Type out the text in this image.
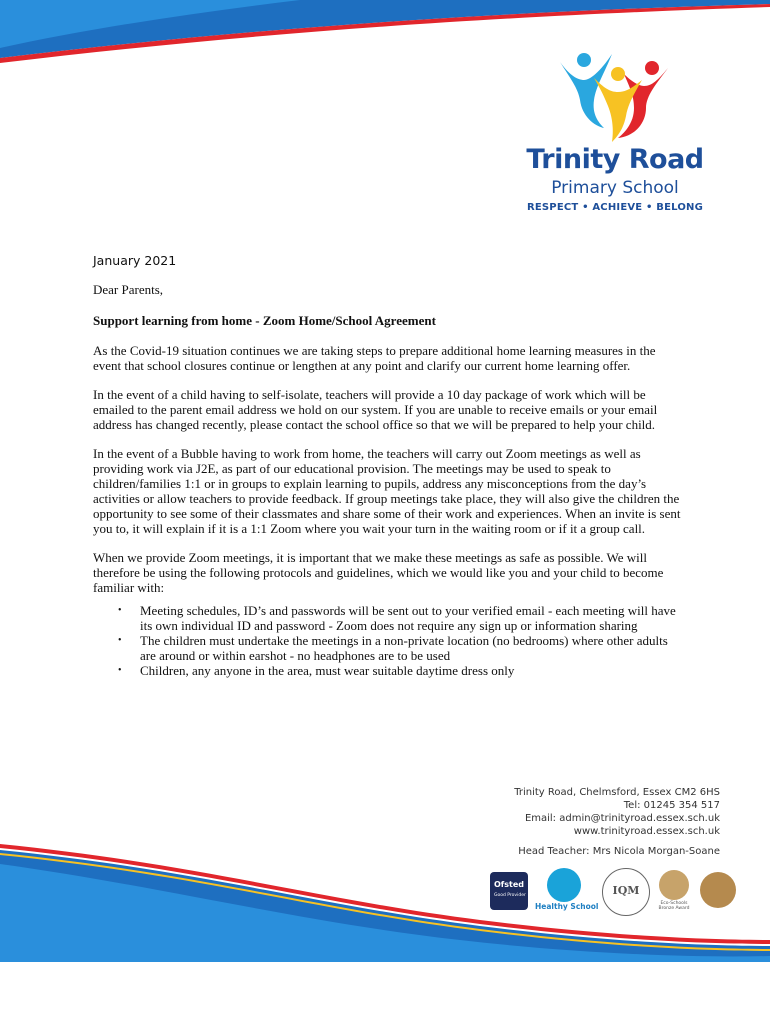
Trinity Road
Primary School
RESPECT • ACHIEVE • BELONG
January 2021

Dear Parents,

Support learning from home - Zoom Home/School Agreement

As the Covid-19 situation continues we are taking steps to prepare additional home learning measures in the event that school closures continue or lengthen at any point and clarify our current home learning offer.

In the event of a child having to self-isolate, teachers will provide a 10 day package of work which will be emailed to the parent email address we hold on our system. If you are unable to receive emails or your email address has changed recently, please contact the school office so that we will be prepared to help your child.

In the event of a Bubble having to work from home, the teachers will carry out Zoom meetings as well as providing work via J2E, as part of our educational provision. The meetings may be used to speak to children/families 1:1 or in groups to explain learning to pupils, address any misconceptions from the day’s activities or allow teachers to provide feedback. If group meetings take place, they will also give the children the opportunity to see some of their classmates and share some of their work and experiences. When an invite is sent you to, it will explain if it is a 1:1 Zoom where you wait your turn in the waiting room or if it a group call.

When we provide Zoom meetings, it is important that we make these meetings as safe as possible. We will therefore be using the following protocols and guidelines, which we would like you and your child to become familiar with:

• Meeting schedules, ID’s and passwords will be sent out to your verified email - each meeting will have its own individual ID and password - Zoom does not require any sign up or information sharing
• The children must undertake the meetings in a non-private location (no bedrooms) where other adults are around or within earshot - no headphones are to be used
• Children, any anyone in the area, must wear suitable daytime dress only
Trinity Road, Chelmsford, Essex CM2 6HS
Tel: 01245 354 517
Email: admin@trinityroad.essex.sch.uk
www.trinityroad.essex.sch.uk
Head Teacher: Mrs Nicola Morgan-Soane
Ofsted
Good Provider
Healthy School
IQM
Eco-Schools Bronze Award
